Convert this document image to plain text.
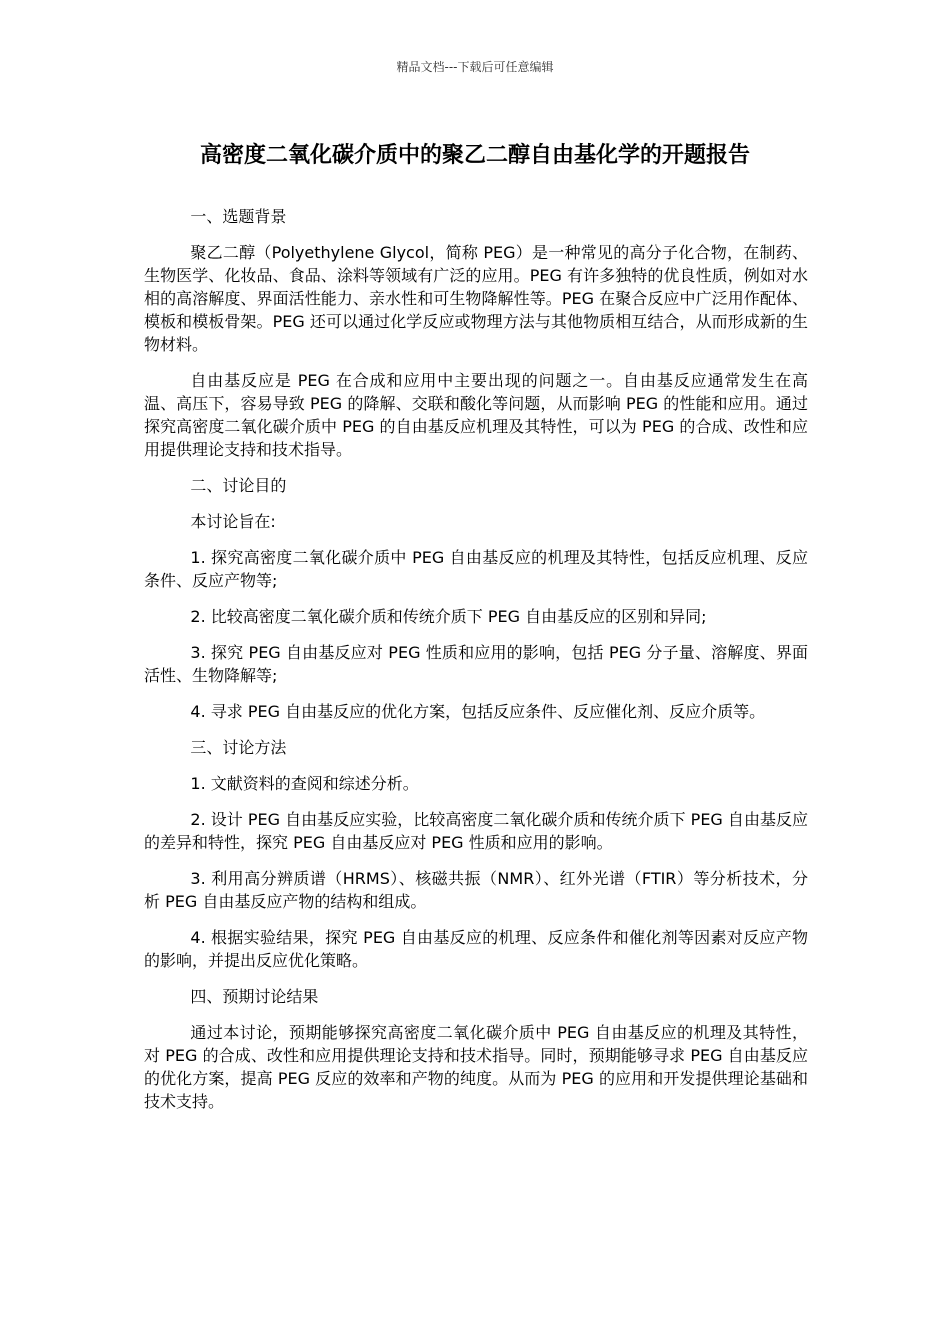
精品文档---下载后可任意编辑
高密度二氧化碳介质中的聚乙二醇自由基化学的开题报告

一、选题背景

聚乙二醇（Polyethylene Glycol，简称 PEG）是一种常见的高分子化合物，在制药、生物医学、化妆品、食品、涂料等领域有广泛的应用。PEG 有许多独特的优良性质，例如对水相的高溶解度、界面活性能力、亲水性和可生物降解性等。PEG 在聚合反应中广泛用作配体、模板和模板骨架。PEG 还可以通过化学反应或物理方法与其他物质相互结合，从而形成新的生物材料。

自由基反应是 PEG 在合成和应用中主要出现的问题之一。自由基反应通常发生在高温、高压下，容易导致 PEG 的降解、交联和酸化等问题，从而影响 PEG 的性能和应用。通过探究高密度二氧化碳介质中 PEG 的自由基反应机理及其特性，可以为 PEG 的合成、改性和应用提供理论支持和技术指导。

二、讨论目的

本讨论旨在:

1. 探究高密度二氧化碳介质中 PEG 自由基反应的机理及其特性，包括反应机理、反应条件、反应产物等;

2. 比较高密度二氧化碳介质和传统介质下 PEG 自由基反应的区别和异同;

3. 探究 PEG 自由基反应对 PEG 性质和应用的影响，包括 PEG 分子量、溶解度、界面活性、生物降解等;

4. 寻求 PEG 自由基反应的优化方案，包括反应条件、反应催化剂、反应介质等。

三、讨论方法

1. 文献资料的查阅和综述分析。

2. 设计 PEG 自由基反应实验，比较高密度二氧化碳介质和传统介质下 PEG 自由基反应的差异和特性，探究 PEG 自由基反应对 PEG 性质和应用的影响。

3. 利用高分辨质谱（HRMS）、核磁共振（NMR）、红外光谱（FTIR）等分析技术，分析 PEG 自由基反应产物的结构和组成。

4. 根据实验结果，探究 PEG 自由基反应的机理、反应条件和催化剂等因素对反应产物的影响，并提出反应优化策略。

四、预期讨论结果

通过本讨论，预期能够探究高密度二氧化碳介质中 PEG 自由基反应的机理及其特性，对 PEG 的合成、改性和应用提供理论支持和技术指导。同时，预期能够寻求 PEG 自由基反应的优化方案，提高 PEG 反应的效率和产物的纯度。从而为 PEG 的应用和开发提供理论基础和技术支持。
